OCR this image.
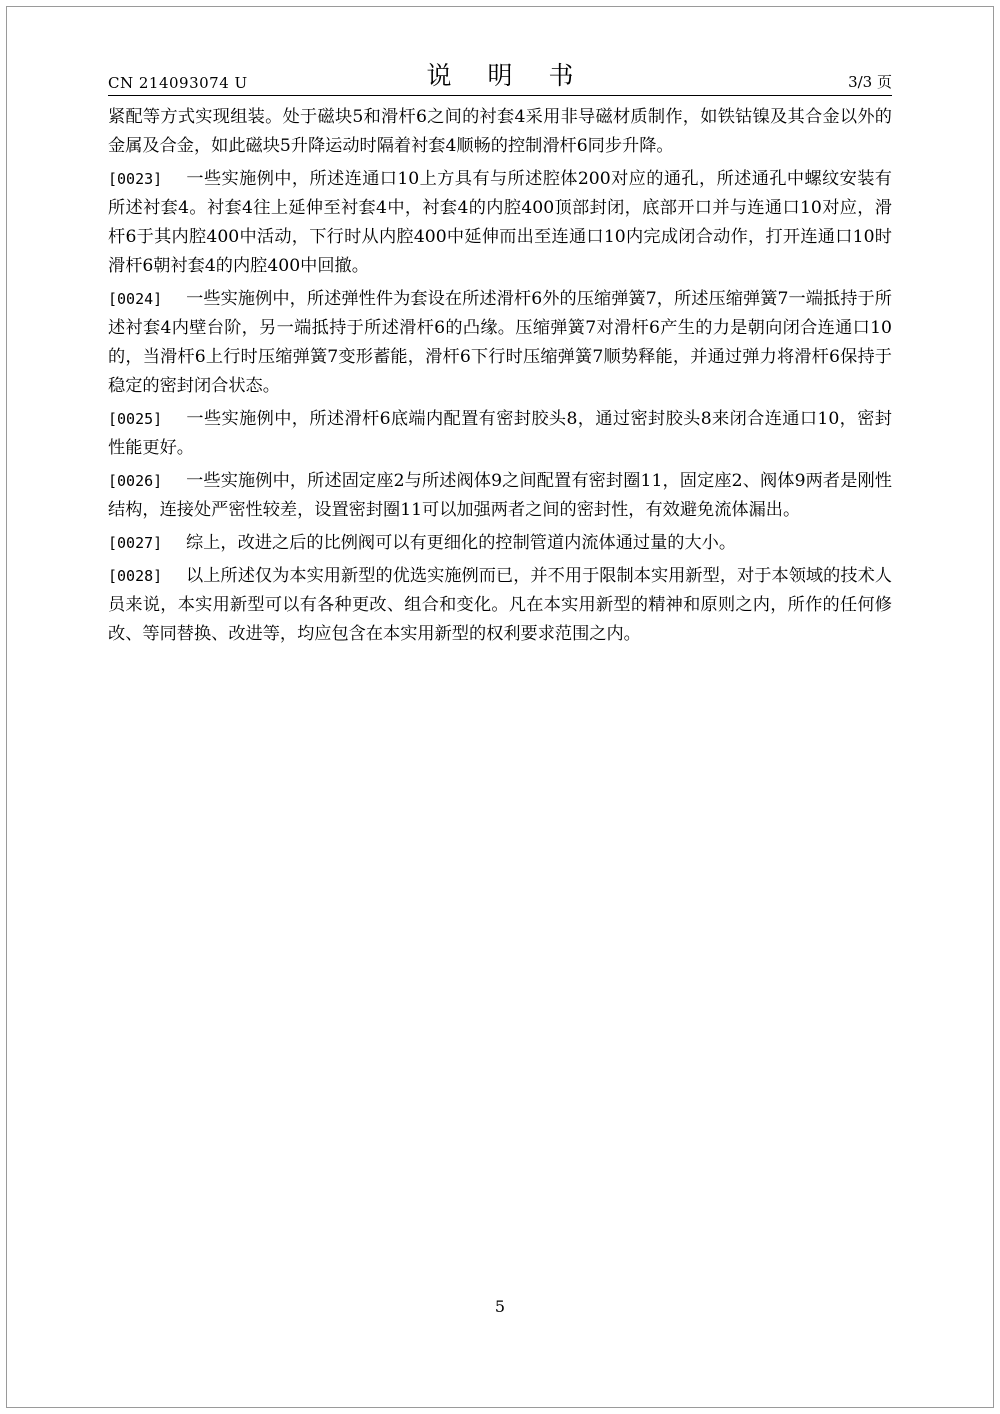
CN 214093074 U	说 明 书	3/3 页

紧配等方式实现组装。处于磁块5和滑杆6之间的衬套4采用非导磁材质制作，如铁钴镍及其合金以外的金属及合金，如此磁块5升降运动时隔着衬套4顺畅的控制滑杆6同步升降。

[0023] 一些实施例中，所述连通口10上方具有与所述腔体200对应的通孔，所述通孔中螺纹安装有所述衬套4。衬套4往上延伸至衬套4中，衬套4的内腔400顶部封闭，底部开口并与连通口10对应，滑杆6于其内腔400中活动，下行时从内腔400中延伸而出至连通口10内完成闭合动作，打开连通口10时滑杆6朝衬套4的内腔400中回撤。

[0024] 一些实施例中，所述弹性件为套设在所述滑杆6外的压缩弹簧7，所述压缩弹簧7一端抵持于所述衬套4内壁台阶，另一端抵持于所述滑杆6的凸缘。压缩弹簧7对滑杆6产生的力是朝向闭合连通口10的，当滑杆6上行时压缩弹簧7变形蓄能，滑杆6下行时压缩弹簧7顺势释能，并通过弹力将滑杆6保持于稳定的密封闭合状态。

[0025] 一些实施例中，所述滑杆6底端内配置有密封胶头8，通过密封胶头8来闭合连通口10，密封性能更好。

[0026] 一些实施例中，所述固定座2与所述阀体9之间配置有密封圈11，固定座2、阀体9两者是刚性结构，连接处严密性较差，设置密封圈11可以加强两者之间的密封性，有效避免流体漏出。

[0027] 综上，改进之后的比例阀可以有更细化的控制管道内流体通过量的大小。

[0028] 以上所述仅为本实用新型的优选实施例而已，并不用于限制本实用新型，对于本领域的技术人员来说，本实用新型可以有各种更改、组合和变化。凡在本实用新型的精神和原则之内，所作的任何修改、等同替换、改进等，均应包含在本实用新型的权利要求范围之内。

5
